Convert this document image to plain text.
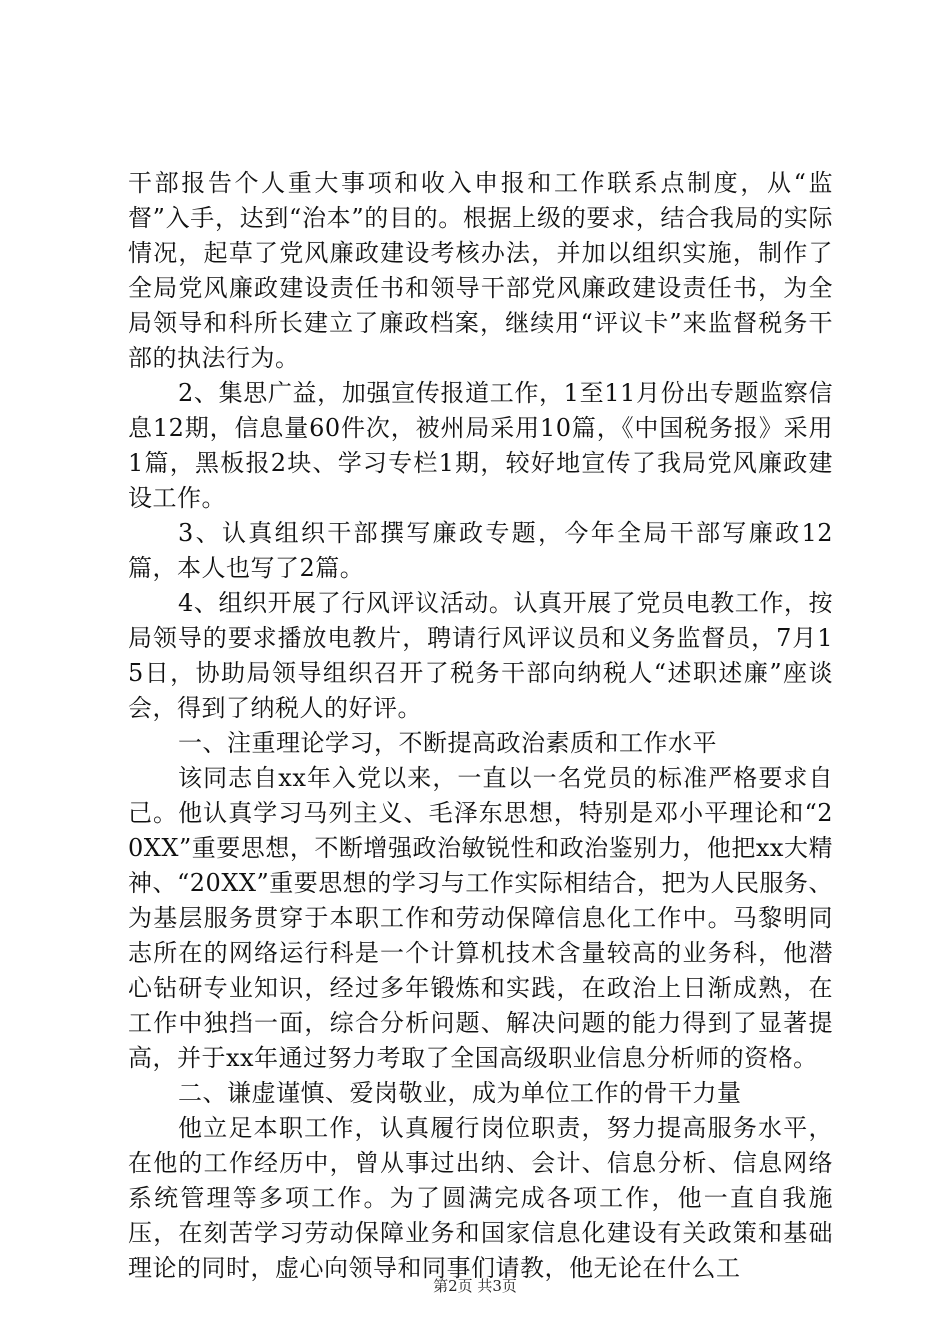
干部报告个人重大事项和收入申报和工作联系点制度，从“监督”入手，达到“治本”的目的。根据上级的要求，结合我局的实际情况，起草了党风廉政建设考核办法，并加以组织实施，制作了全局党风廉政建设责任书和领导干部党风廉政建设责任书，为全局领导和科所长建立了廉政档案，继续用“评议卡”来监督税务干部的执法行为。

2、集思广益，加强宣传报道工作，1至11月份出专题监察信息12期，信息量60件次，被州局采用10篇，《中国税务报》采用1篇，黑板报2块、学习专栏1期，较好地宣传了我局党风廉政建设工作。

3、认真组织干部撰写廉政专题，今年全局干部写廉政12篇，本人也写了2篇。

4、组织开展了行风评议活动。认真开展了党员电教工作，按局领导的要求播放电教片，聘请行风评议员和义务监督员，7月15日，协助局领导组织召开了税务干部向纳税人“述职述廉”座谈会，得到了纳税人的好评。

一、注重理论学习，不断提高政治素质和工作水平

该同志自xx年入党以来，一直以一名党员的标准严格要求自己。他认真学习马列主义、毛泽东思想，特别是邓小平理论和“20XX”重要思想，不断增强政治敏锐性和政治鉴别力，他把xx大精神、“20XX”重要思想的学习与工作实际相结合，把为人民服务、为基层服务贯穿于本职工作和劳动保障信息化工作中。马黎明同志所在的网络运行科是一个计算机技术含量较高的业务科，他潜心钻研专业知识，经过多年锻炼和实践，在政治上日渐成熟，在工作中独挡一面，综合分析问题、解决问题的能力得到了显著提高，并于xx年通过努力考取了全国高级职业信息分析师的资格。

二、谦虚谨慎、爱岗敬业，成为单位工作的骨干力量

他立足本职工作，认真履行岗位职责，努力提高服务水平，在他的工作经历中，曾从事过出纳、会计、信息分析、信息网络系统管理等多项工作。为了圆满完成各项工作，他一直自我施压，在刻苦学习劳动保障业务和国家信息化建设有关政策和基础理论的同时，虚心向领导和同事们请教，他无论在什么工

第2页 共3页
